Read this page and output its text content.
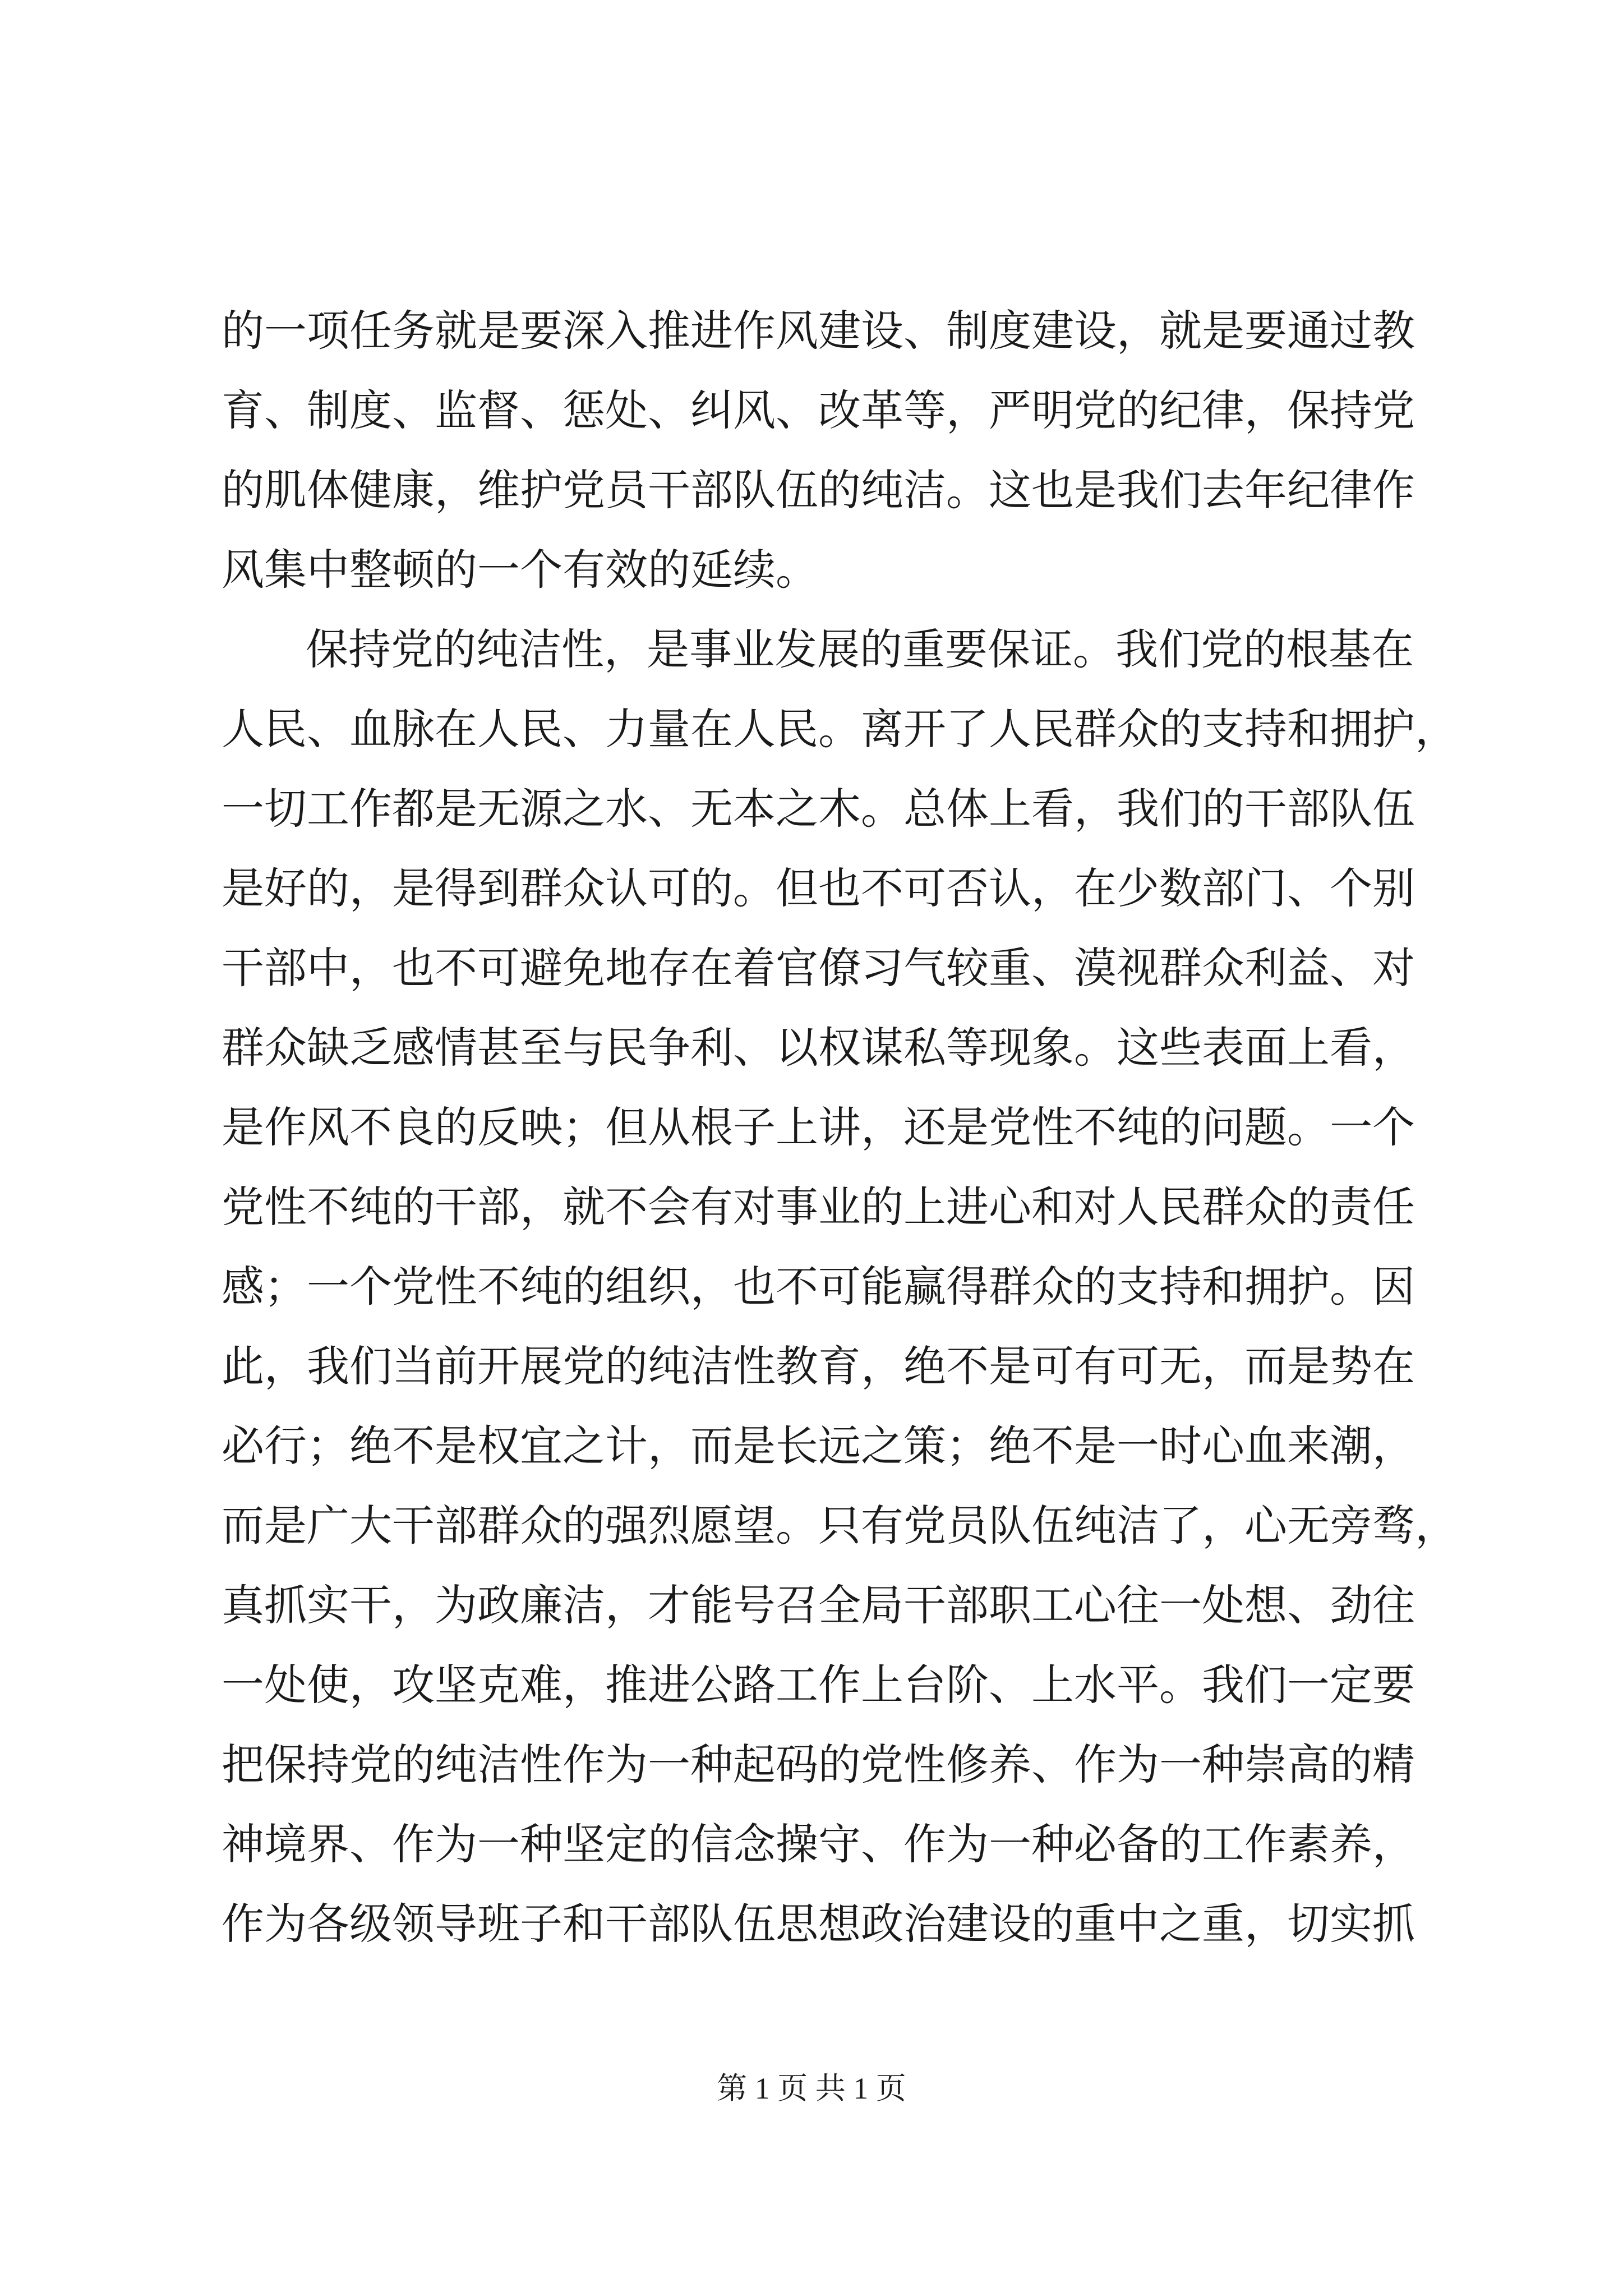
的一项任务就是要深入推进作风建设、制度建设，就是要通过教
育、制度、监督、惩处、纠风、改革等，严明党的纪律，保持党
的肌体健康，维护党员干部队伍的纯洁。这也是我们去年纪律作
风集中整顿的一个有效的延续。
保持党的纯洁性，是事业发展的重要保证。我们党的根基在
人民、血脉在人民、力量在人民。离开了人民群众的支持和拥护，
一切工作都是无源之水、无本之木。总体上看，我们的干部队伍
是好的，是得到群众认可的。但也不可否认，在少数部门、个别
干部中，也不可避免地存在着官僚习气较重、漠视群众利益、对
群众缺乏感情甚至与民争利、以权谋私等现象。这些表面上看，
是作风不良的反映；但从根子上讲，还是党性不纯的问题。一个
党性不纯的干部，就不会有对事业的上进心和对人民群众的责任
感；一个党性不纯的组织，也不可能赢得群众的支持和拥护。因
此，我们当前开展党的纯洁性教育，绝不是可有可无，而是势在
必行；绝不是权宜之计，而是长远之策；绝不是一时心血来潮，
而是广大干部群众的强烈愿望。只有党员队伍纯洁了，心无旁骛，
真抓实干，为政廉洁，才能号召全局干部职工心往一处想、劲往
一处使，攻坚克难，推进公路工作上台阶、上水平。我们一定要
把保持党的纯洁性作为一种起码的党性修养、作为一种崇高的精
神境界、作为一种坚定的信念操守、作为一种必备的工作素养，
作为各级领导班子和干部队伍思想政治建设的重中之重，切实抓
第 1 页 共 1 页
